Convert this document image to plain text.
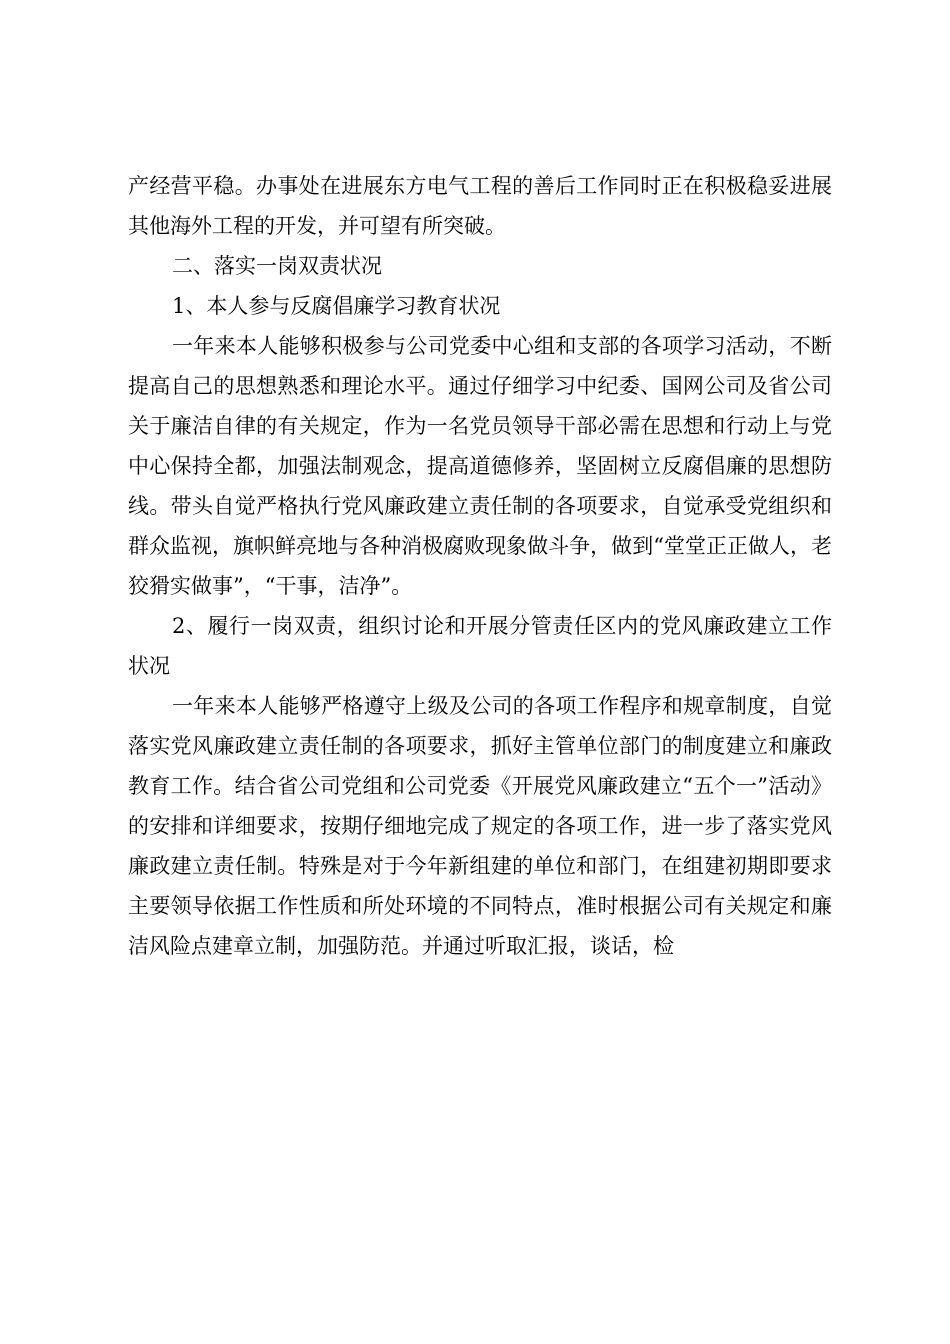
产经营平稳。办事处在进展东方电气工程的善后工作同时正在积极稳妥进展其他海外工程的开发，并可望有所突破。

二、落实一岗双责状况

1、本人参与反腐倡廉学习教育状况

一年来本人能够积极参与公司党委中心组和支部的各项学习活动，不断提高自己的思想熟悉和理论水平。通过仔细学习中纪委、国网公司及省公司关于廉洁自律的有关规定，作为一名党员领导干部必需在思想和行动上与党中心保持全都，加强法制观念，提高道德修养，坚固树立反腐倡廉的思想防线。带头自觉严格执行党风廉政建立责任制的各项要求，自觉承受党组织和群众监视，旗帜鲜亮地与各种消极腐败现象做斗争，做到“堂堂正正做人，老狡猾实做事”，“干事，洁净”。

2、履行一岗双责，组织讨论和开展分管责任区内的党风廉政建立工作状况

一年来本人能够严格遵守上级及公司的各项工作程序和规章制度，自觉落实党风廉政建立责任制的各项要求，抓好主管单位部门的制度建立和廉政教育工作。结合省公司党组和公司党委《开展党风廉政建立“五个一”活动》的安排和详细要求，按期仔细地完成了规定的各项工作，进一步了落实党风廉政建立责任制。特殊是对于今年新组建的单位和部门，在组建初期即要求主要领导依据工作性质和所处环境的不同特点，准时根据公司有关规定和廉洁风险点建章立制，加强防范。并通过听取汇报，谈话，检
